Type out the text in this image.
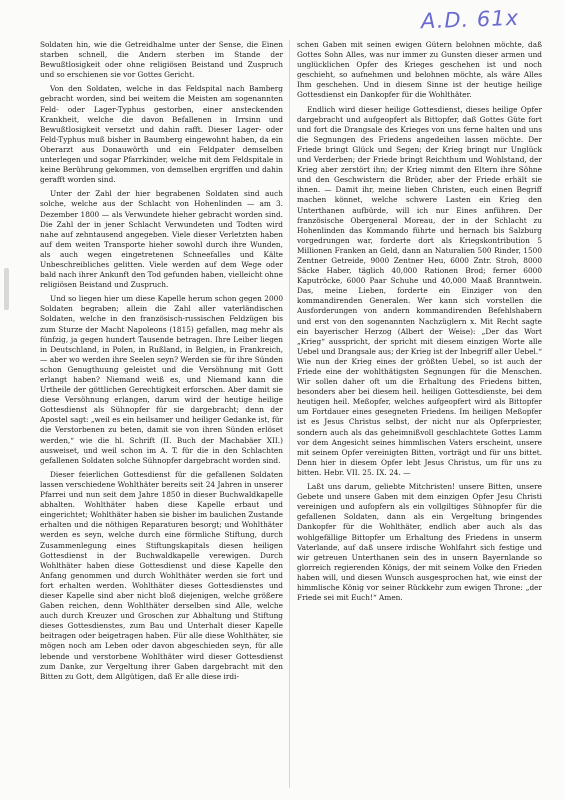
A.D. 61x

Soldaten hin, wie die Getreidhalme unter der Sense, die Einen starben schnell, die Andern sterben im Stande der Bewußtlosigkeit oder ohne religiösen Beistand und Zuspruch und so erschienen sie vor Gottes Gericht.

Von den Soldaten, welche in das Feldspital nach Bamberg gebracht worden, sind bei weitem die Meisten am sogenannten Feld- oder Lager-Typhus gestorben, einer ansteckenden Krankheit, welche die davon Befallenen in Irrsinn und Bewußtlosigkeit versetzt und dahin rafft. Dieser Lager- oder Feld-Typhus muß bisher in Baumberg eingewohnt haben, da ein Oberarzt aus Donauwörth und ein Feldpater demselben unterlegen und sogar Pfarrkinder, welche mit dem Feldspitale in keine Berührung gekommen, von demselben ergriffen und dahin gerafft worden sind.

Unter der Zahl der hier begrabenen Soldaten sind auch solche, welche aus der Schlacht von Hohenlinden — am 3. Dezember 1800 — als Verwundete hieher gebracht worden sind. Die Zahl der in jener Schlacht Verwundeten und Todten wird nahe auf zehntausend angegeben. Viele dieser Verletzten haben auf dem weiten Transporte hieher sowohl durch ihre Wunden, als auch wegen eingetretenen Schneefalles und Kälte Unbeschreibliches gelitten. Viele werden auf dem Wege oder bald nach ihrer Ankunft den Tod gefunden haben, vielleicht ohne religiösen Beistand und Zuspruch.

Und so liegen hier um diese Kapelle herum schon gegen 2000 Soldaten begraben; allein die Zahl aller vaterländischen Soldaten, welche in den französisch-russischen Feldzügen bis zum Sturze der Macht Napoleons (1815) gefallen, mag mehr als fünfzig, ja gegen hundert Tausende betragen. Ihre Leiber liegen in Deutschland, in Polen, in Rußland, in Belgien, in Frankreich, — aber wo werden ihre Seelen seyn? Werden sie für ihre Sünden schon Genugthuung geleistet und die Versöhnung mit Gott erlangt haben? Niemand weiß es, und Niemand kann die Urtheile der göttlichen Gerechtigkeit erforschen. Aber damit sie diese Versöhnung erlangen, darum wird der heutige heilige Gottesdienst als Sühnopfer für sie dargebracht; denn der Apostel sagt: „weil es ein heilsamer und heiliger Gedanke ist, für die Verstorbenen zu beten, damit sie von ihren Sünden erlöset werden,“ wie die hl. Schrift (II. Buch der Machabäer XII.) ausweiset, und weil schon im A. T. für die in den Schlachten gefallenen Soldaten solche Sühnopfer dargebracht worden sind.

Dieser feierlichen Gottesdienst für die gefallenen Soldaten lassen verschiedene Wohlthäter bereits seit 24 Jahren in unserer Pfarrei und nun seit dem Jahre 1850 in dieser Buchwaldkapelle abhalten. Wohlthäter haben diese Kapelle erbaut und eingerichtet; Wohlthäter haben sie bisher im baulichen Zustande erhalten und die nöthigen Reparaturen besorgt; und Wohlthäter werden es seyn, welche durch eine förmliche Stiftung, durch Zusammenlegung eines Stiftungskapitals diesen heiligen Gottesdienst in der Buchwaldkapelle verewigen. Durch Wohlthäter haben diese Gottesdienst und diese Kapelle den Anfang genommen und durch Wohlthäter werden sie fort und fort erhalten werden. Wohlthäter dieses Gottesdienstes und dieser Kapelle sind aber nicht bloß diejenigen, welche größere Gaben reichen, denn Wohlthäter derselben sind Alle, welche auch durch Kreuzer und Groschen zur Abhaltung und Stiftung dieses Gottesdienstes, zum Bau und Unterhalt dieser Kapelle beitragen oder beigetragen haben. Für alle diese Wohlthäter, sie mögen noch am Leben oder davon abgeschieden seyn, für alle lebende und verstorbene Wohlthäter wird dieser Gottesdienst zum Danke, zur Vergeltung ihrer Gaben dargebracht mit den Bitten zu Gott, dem Allgütigen, daß Er alle diese irdi-

schen Gaben mit seinen ewigen Gütern belohnen möchte, daß Gottes Sohn Alles, was nur immer zu Gunsten dieser armen und unglücklichen Opfer des Krieges geschehen ist und noch geschieht, so aufnehmen und belohnen möchte, als wäre Alles Ihm geschehen. Und in diesem Sinne ist der heutige heilige Gottesdienst ein Dankopfer für die Wohlthäter.

Endlich wird dieser heilige Gottesdienst, dieses heilige Opfer dargebracht und aufgeopfert als Bittopfer, daß Gottes Güte fort und fort die Drangsale des Krieges von uns ferne halten und uns die Segnungen des Friedens angedeihen lassen möchte. Der Friede bringt Glück und Segen; der Krieg bringt nur Unglück und Verderben; der Friede bringt Reichthum und Wohlstand, der Krieg aber zerstört ihn; der Krieg nimmt den Eltern ihre Söhne und den Geschwistern die Brüder, aber der Friede erhält sie ihnen. — Damit ihr, meine lieben Christen, euch einen Begriff machen könnet, welche schwere Lasten ein Krieg den Unterthanen aufbürde, will ich nur Eines anführen. Der französische Obergeneral Moreau, der in der Schlacht zu Hohenlinden das Kommando führte und hernach bis Salzburg vorgedrungen war, forderte dort als Kriegskontribution 5 Millionen Franken an Geld, dann an Naturalien 500 Rinder, 1500 Zentner Getreide, 9000 Zentner Heu, 6000 Zntr. Stroh, 8000 Säcke Haber, täglich 40,000 Rationen Brod; ferner 6000 Kaputröcke, 6000 Paar Schuhe und 40,000 Maaß Branntwein. Das, meine Lieben, forderte ein Einziger von den kommandirenden Generalen. Wer kann sich vorstellen die Ausforderungen von andern kommandirenden Befehlshabern und erst von den sogenannten Nachzüglern x. Mit Recht sagte ein bayerischer Herzog (Albert der Weise): „Der das Wort „Krieg“ ausspricht, der spricht mit diesem einzigen Worte alle Uebel und Drangsale aus; der Krieg ist der Inbegriff aller Uebel.“ Wie nun der Krieg eines der größten Uebel, so ist auch der Friede eine der wohlthätigsten Segnungen für die Menschen. Wir sollen daher oft um die Erhaltung des Friedens bitten, besonders aber bei diesem heil. heiligen Gottesdienste, bei dem heutigen heil. Meßopfer, welches aufgeopfert wird als Bittopfer um Fortdauer eines gesegneten Friedens. Im heiligen Meßopfer ist es Jesus Christus selbst, der nicht nur als Opferpriester, sondern auch als das geheimnißvoll geschlachtete Gottes Lamm vor dem Angesicht seines himmlischen Vaters erscheint, unsere mit seinem Opfer vereinigten Bitten, vorträgt und für uns bittet. Denn hier in diesem Opfer lebt Jesus Christus, um für uns zu bitten. Hebr. VII. 25. IX. 24. —

Laßt uns darum, geliebte Mitchristen! unsere Bitten, unsere Gebete und unsere Gaben mit dem einzigen Opfer Jesu Christi vereinigen und aufopfern als ein vollgiltiges Sühnopfer für die gefallenen Soldaten, dann als ein Vergeltung bringendes Dankopfer für die Wohlthäter, endlich aber auch als das wohlgefällige Bittopfer um Erhaltung des Friedens in unserm Vaterlande, auf daß unsere irdische Wohlfahrt sich festige und wir getreuen Unterthanen sein des in unsern Bayernlande so glorreich regierenden Königs, der mit seinem Volke den Frieden haben will, und diesen Wunsch ausgesprochen hat, wie einst der himmlische König vor seiner Rückkehr zum ewigen Throne: „der Friede sei mit Euch!“ Amen.
